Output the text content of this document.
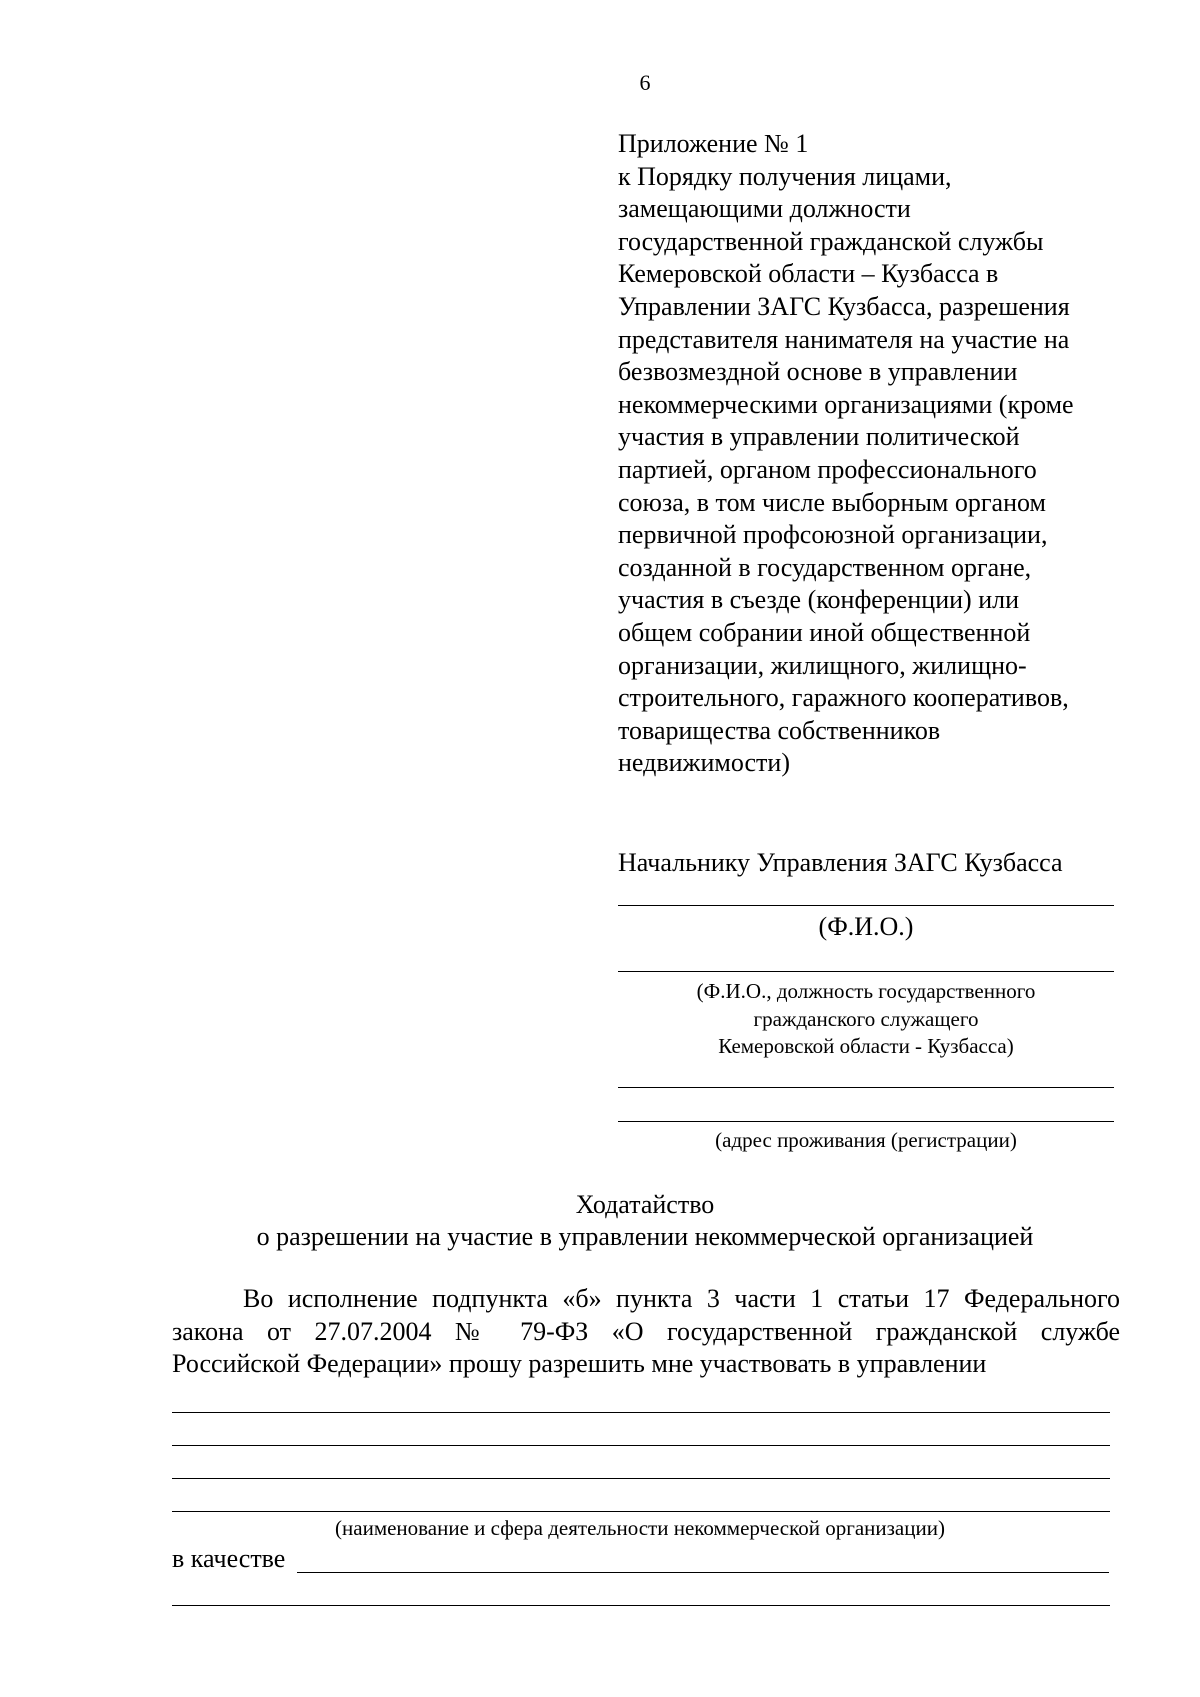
6
Приложение № 1
к Порядку получения лицами,
замещающими должности
государственной гражданской службы
Кемеровской области – Кузбасса в
Управлении ЗАГС Кузбасса, разрешения
представителя нанимателя на участие на
безвозмездной основе в управлении
некоммерческими организациями (кроме
участия в управлении политической
партией, органом профессионального
союза, в том числе выборным органом
первичной профсоюзной организации,
созданной в государственном органе,
участия в съезде (конференции) или
общем собрании иной общественной
организации, жилищного, жилищно-
строительного, гаражного кооперативов,
товарищества собственников
недвижимости)
Начальнику Управления ЗАГС Кузбасса
(Ф.И.О.)
(Ф.И.О., должность государственного
гражданского служащего
Кемеровской области - Кузбасса)
(адрес проживания (регистрации)
Ходатайство
о разрешении на участие в управлении некоммерческой организацией
Во исполнение подпункта «б» пункта 3 части 1 статьи 17 Федерального
закона от 27.07.2004 № 79-ФЗ «О государственной гражданской службе
Российской Федерации» прошу разрешить мне участвовать в управлении
(наименование и сфера деятельности некоммерческой организации)
в качестве
